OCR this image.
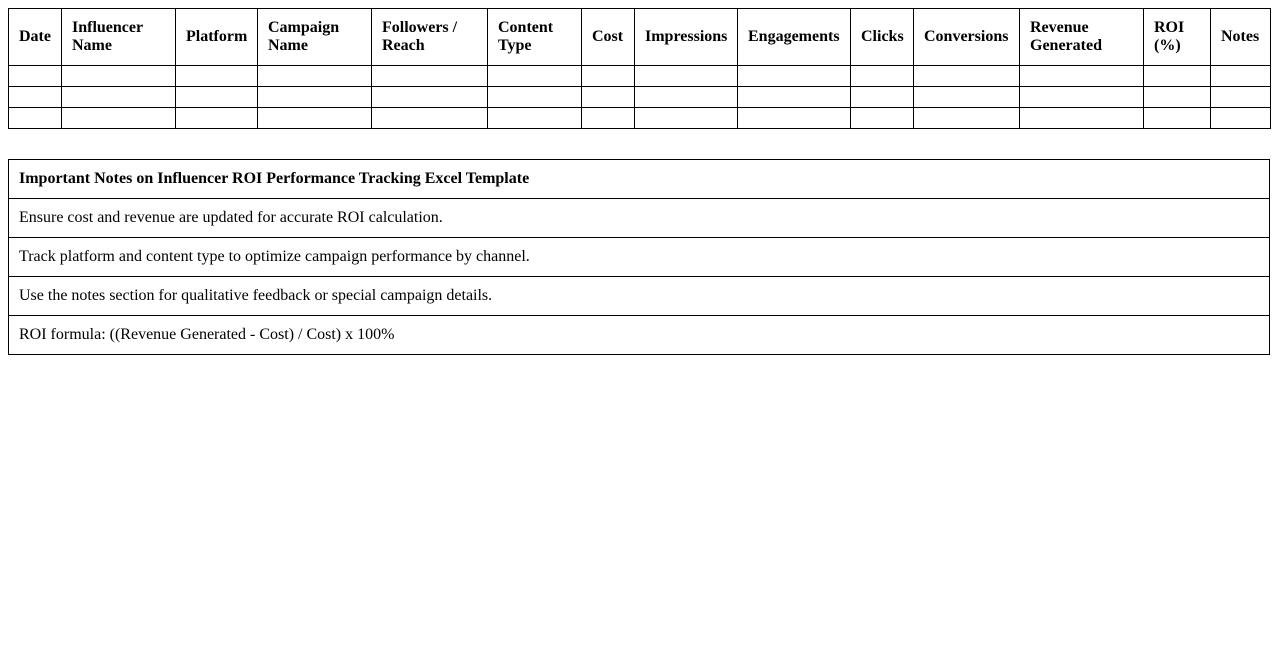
Date	Influencer Name	Platform	Campaign Name	Followers / Reach	Content Type	Cost	Impressions	Engagements	Clicks	Conversions	Revenue Generated	ROI (%)	Notes

Important Notes on Influencer ROI Performance Tracking Excel Template
Ensure cost and revenue are updated for accurate ROI calculation.
Track platform and content type to optimize campaign performance by channel.
Use the notes section for qualitative feedback or special campaign details.
ROI formula: ((Revenue Generated - Cost) / Cost) x 100%
